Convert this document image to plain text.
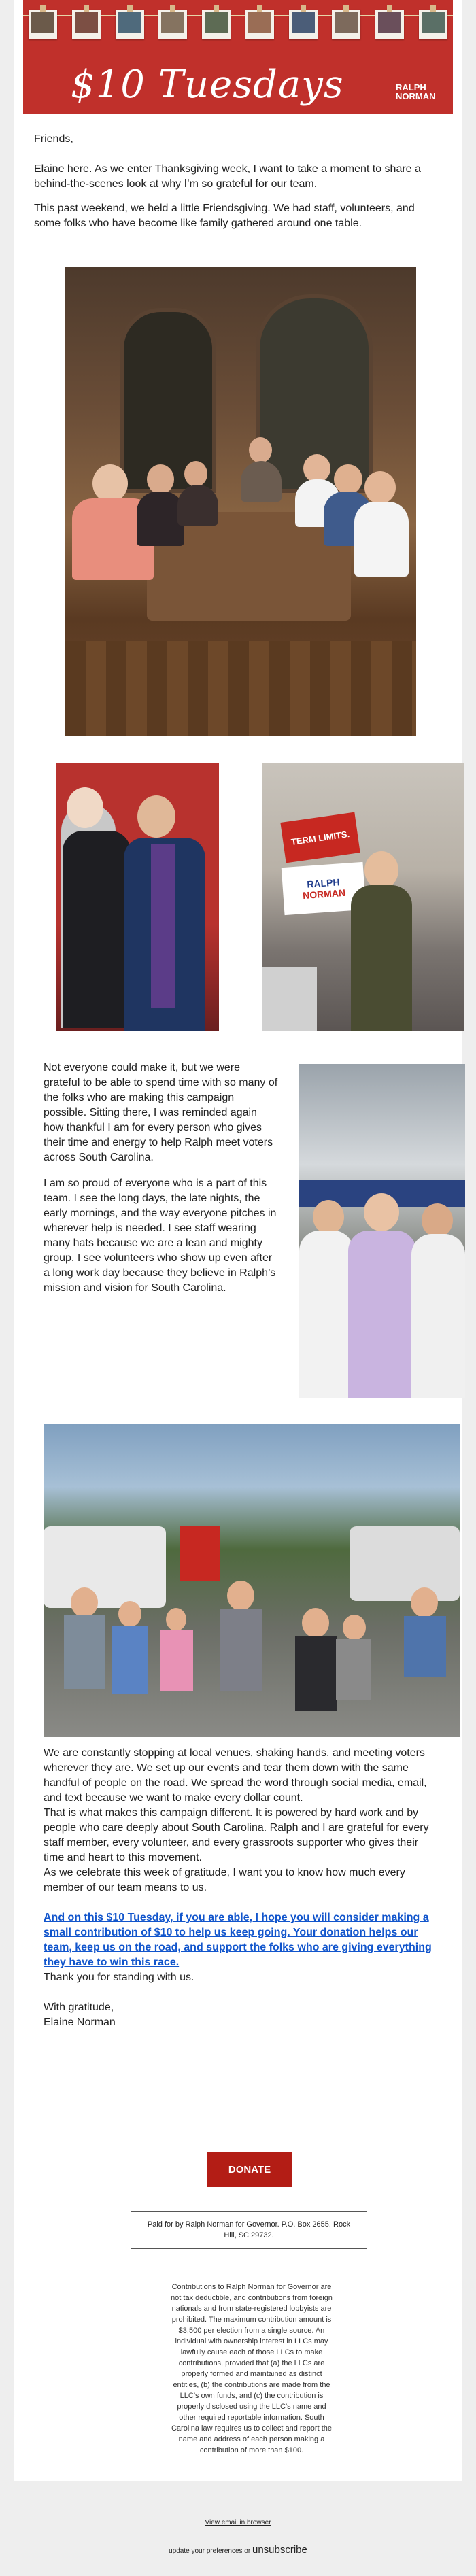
$10 Tuesdays	RALPH
NORMAN
Friends,
Elaine here. As we enter Thanksgiving week, I want to take a moment to share a behind-the-scenes look at why I’m so grateful for our team.
This past weekend, we held a little Friendsgiving. We had staff, volunteers, and some folks who have become like family gathered around one table.
TERM LIMITS.
RALPH
NORMAN

Not everyone could make it, but we were grateful to be able to spend time with so many of the folks who are making this campaign possible. Sitting there, I was reminded again how thankful I am for every person who gives their time and energy to help Ralph meet voters across South Carolina.

I am so proud of everyone who is a part of this team. I see the long days, the late nights, the early mornings, and the way everyone pitches in wherever help is needed. I see staff wearing many hats because we are a lean and mighty group. I see volunteers who show up even after a long work day because they believe in Ralph’s mission and vision for South Carolina.

We are constantly stopping at local venues, shaking hands, and meeting voters wherever they are. We set up our events and tear them down with the same handful of people on the road. We spread the word through social media, email, and text because we want to make every dollar count.
That is what makes this campaign different. It is powered by hard work and by people who care deeply about South Carolina. Ralph and I are grateful for every staff member, every volunteer, and every grassroots supporter who gives their time and heart to this movement.
As we celebrate this week of gratitude, I want you to know how much every member of our team means to us.
And on this $10 Tuesday, if you are able, I hope you will consider making a small contribution of $10 to help us keep going. Your donation helps our team, keep us on the road, and support the folks who are giving everything they have to win this race.
Thank you for standing with us.
With gratitude,
Elaine Norman
DONATE
Paid for by Ralph Norman for Governor. P.O. Box 2655, Rock Hill, SC 29732.
Contributions to Ralph Norman for Governor are not tax deductible, and contributions from foreign nationals and from state-registered lobbyists are prohibited. The maximum contribution amount is $3,500 per election from a single source. An individual with ownership interest in LLCs may lawfully cause each of those LLCs to make contributions, provided that (a) the LLCs are properly formed and maintained as distinct entities, (b) the contributions are made from the LLC’s own funds, and (c) the contribution is properly disclosed using the LLC’s name and other required reportable information. South Carolina law requires us to collect and report the name and address of each person making a contribution of more than $100.
View email in browser
update your preferences or unsubscribe
